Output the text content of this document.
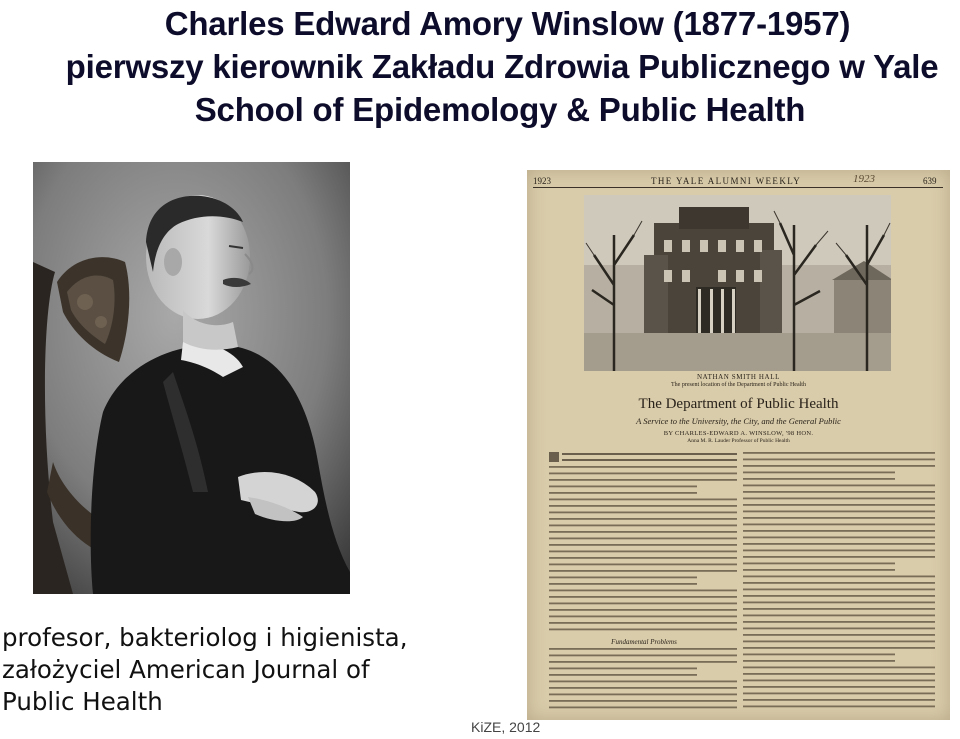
Charles Edward Amory Winslow (1877-1957)
pierwszy kierownik Zakładu Zdrowia Publicznego w Yale
School of Epidemology & Public Health
profesor, bakteriolog i higienista,
założyciel American Journal of
Public Health
1923	THE YALE ALUMNI WEEKLY	1923	639
NATHAN SMITH HALL
The present location of the Department of Public Health
The Department of Public Health
A Service to the University, the City, and the General Public
BY CHARLES-EDWARD A. WINSLOW, '98 HON.
Anna M. R. Lauder Professor of Public Health
Fundamental Problems
KiZE, 2012
